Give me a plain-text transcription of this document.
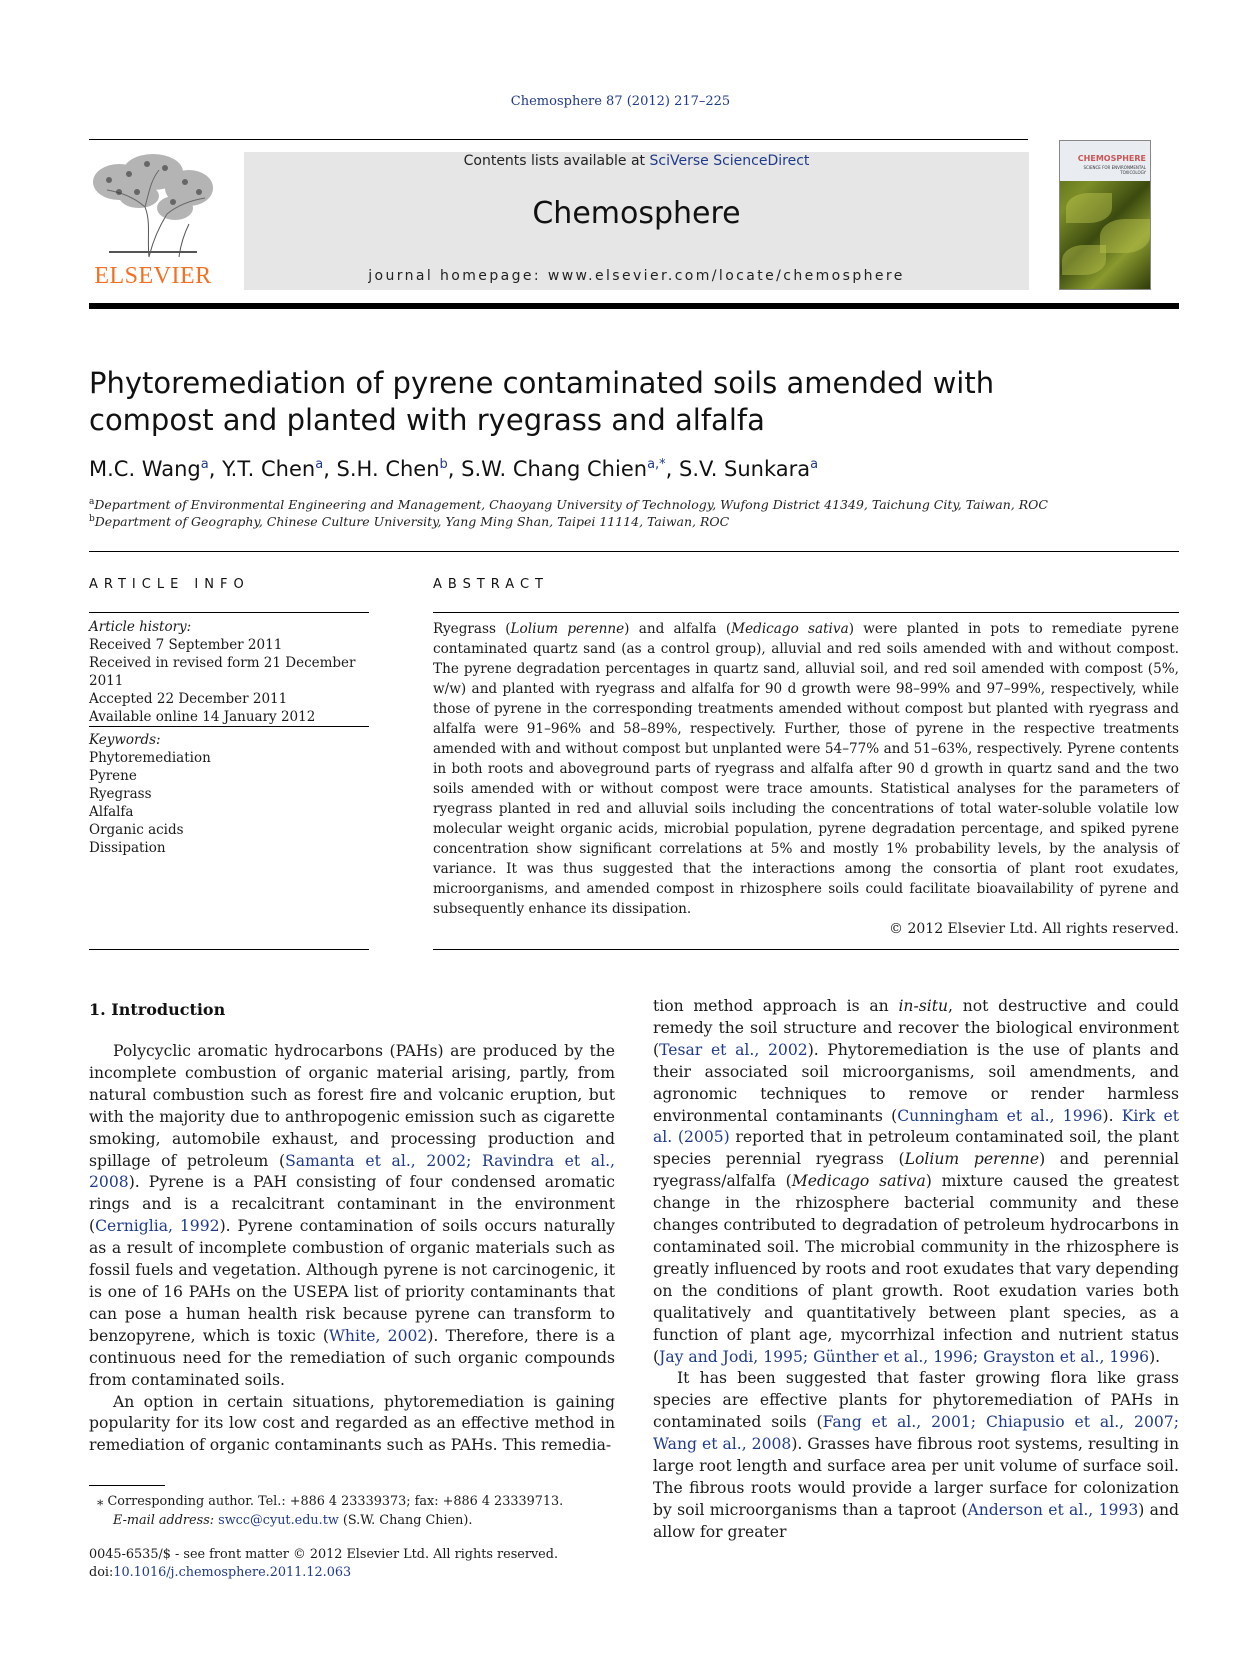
Chemosphere 87 (2012) 217–225
ELSEVIER
Contents lists available at SciVerse ScienceDirect
Chemosphere
journal homepage: www.elsevier.com/locate/chemosphere
CHEMOSPHERE
SCIENCE FOR ENVIRONMENTAL TOXICOLOGY
Phytoremediation of pyrene contaminated soils amended with compost and planted with ryegrass and alfalfa
M.C. Wang$^a$, Y.T. Chen$^a$, S.H. Chen$^b$, S.W. Chang Chien$^{a,*}$, S.V. Sunkara$^a$
$^a$Department of Environmental Engineering and Management, Chaoyang University of Technology, Wufong District 41349, Taichung City, Taiwan, ROC
$^b$Department of Geography, Chinese Culture University, Yang Ming Shan, Taipei 11114, Taiwan, ROC
ARTICLE INFO	ABSTRACT
Article history:
Received 7 September 2011
Received in revised form 21 December 2011
Accepted 22 December 2011
Available online 14 January 2012
Keywords:
Phytoremediation
Pyrene
Ryegrass
Alfalfa
Organic acids
Dissipation
Ryegrass (Lolium perenne) and alfalfa (Medicago sativa) were planted in pots to remediate pyrene contaminated quartz sand (as a control group), alluvial and red soils amended with and without compost. The pyrene degradation percentages in quartz sand, alluvial soil, and red soil amended with compost (5%, w/w) and planted with ryegrass and alfalfa for 90 d growth were 98–99% and 97–99%, respectively, while those of pyrene in the corresponding treatments amended without compost but planted with ryegrass and alfalfa were 91–96% and 58–89%, respectively. Further, those of pyrene in the respective treatments amended with and without compost but unplanted were 54–77% and 51–63%, respectively. Pyrene contents in both roots and aboveground parts of ryegrass and alfalfa after 90 d growth in quartz sand and the two soils amended with or without compost were trace amounts. Statistical analyses for the parameters of ryegrass planted in red and alluvial soils including the concentrations of total water-soluble volatile low molecular weight organic acids, microbial population, pyrene degradation percentage, and spiked pyrene concentration show significant correlations at 5% and mostly 1% probability levels, by the analysis of variance. It was thus suggested that the interactions among the consortia of plant root exudates, microorganisms, and amended compost in rhizosphere soils could facilitate bioavailability of pyrene and subsequently enhance its dissipation.
© 2012 Elsevier Ltd. All rights reserved.
1. Introduction

Polycyclic aromatic hydrocarbons (PAHs) are produced by the incomplete combustion of organic material arising, partly, from natural combustion such as forest fire and volcanic eruption, but with the majority due to anthropogenic emission such as cigarette smoking, automobile exhaust, and processing production and spillage of petroleum (Samanta et al., 2002; Ravindra et al., 2008). Pyrene is a PAH consisting of four condensed aromatic rings and is a recalcitrant contaminant in the environment (Cerniglia, 1992). Pyrene contamination of soils occurs naturally as a result of incomplete combustion of organic materials such as fossil fuels and vegetation. Although pyrene is not carcinogenic, it is one of 16 PAHs on the USEPA list of priority contaminants that can pose a human health risk because pyrene can transform to benzopyrene, which is toxic (White, 2002). Therefore, there is a continuous need for the remediation of such organic compounds from contaminated soils.

An option in certain situations, phytoremediation is gaining popularity for its low cost and regarded as an effective method in remediation of organic contaminants such as PAHs. This remedia-

tion method approach is an in-situ, not destructive and could remedy the soil structure and recover the biological environment (Tesar et al., 2002). Phytoremediation is the use of plants and their associated soil microorganisms, soil amendments, and agronomic techniques to remove or render harmless environmental contaminants (Cunningham et al., 1996). Kirk et al. (2005) reported that in petroleum contaminated soil, the plant species perennial ryegrass (Lolium perenne) and perennial ryegrass/alfalfa (Medicago sativa) mixture caused the greatest change in the rhizosphere bacterial community and these changes contributed to degradation of petroleum hydrocarbons in contaminated soil. The microbial community in the rhizosphere is greatly influenced by roots and root exudates that vary depending on the conditions of plant growth. Root exudation varies both qualitatively and quantitatively between plant species, as a function of plant age, mycorrhizal infection and nutrient status (Jay and Jodi, 1995; Günther et al., 1996; Grayston et al., 1996).

It has been suggested that faster growing flora like grass species are effective plants for phytoremediation of PAHs in contaminated soils (Fang et al., 2001; Chiapusio et al., 2007; Wang et al., 2008). Grasses have fibrous root systems, resulting in large root length and surface area per unit volume of surface soil. The fibrous roots would provide a larger surface for colonization by soil microorganisms than a taproot (Anderson et al., 1993) and allow for greater

⁎ Corresponding author. Tel.: +886 4 23339373; fax: +886 4 23339713.
E-mail address: swcc@cyut.edu.tw (S.W. Chang Chien).
0045-6535/$ - see front matter © 2012 Elsevier Ltd. All rights reserved.
doi:10.1016/j.chemosphere.2011.12.063
